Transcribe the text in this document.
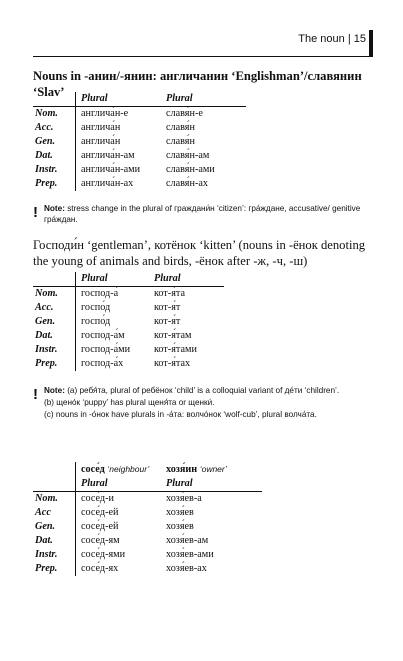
The noun | 15
Nouns in -анин/-янин: англичанин ‘Englishman’/славянин ‘Slav’
		Plural	Plural
Nom.	англича́н-е	славя́н-е
Acc.	англича́н	славя́н
Gen.	англича́н	славя́н
Dat.	англича́н-ам	славя́н-ам
Instr.	англича́н-ами	славя́н-ами
Prep.	англича́н-ах	славя́н-ах
! Note: stress change in the plural of граждани́н ‘citizen’: гра́ждане, accusative/ genitive гра́ждан.
Господи́н ‘gentleman’, котёнок ‘kitten’ (nouns in -ёнок denoting the young of animals and birds, -ёнок after -ж, -ч, -ш)
	Plural	Plural
Nom.	господ-а́	кот-я́та
Acc.	госпо́д	кот-я́т
Gen.	госпо́д	кот-я́т
Dat.	господ-а́м	кот-я́там
Instr.	господ-а́ми	кот-я́тами
Prep.	господ-а́х	кот-я́тах
! Note: (a) ребя́та, plural of ребёнок ‘child’ is a colloquial variant of де́ти ‘children’.
(b) щено́к ‘puppy’ has plural щеня́та or щенки́.
(c) nouns in -о́нок have plurals in -а́та: волчо́нок ‘wolf-cub’, plural волча́та.
	сосе́д ‘neighbour’	хозя́ин ‘owner’
	Plural	Plural
Nom.	сосе́д-и	хозя́ев-а
Acc	сосе́д-ей	хозя́ев
Gen.	сосе́д-ей	хозя́ев
Dat.	сосе́д-ям	хозя́ев-ам
Instr.	сосе́д-ями	хозя́ев-ами
Prep.	сосе́д-ях	хозя́ев-ах
